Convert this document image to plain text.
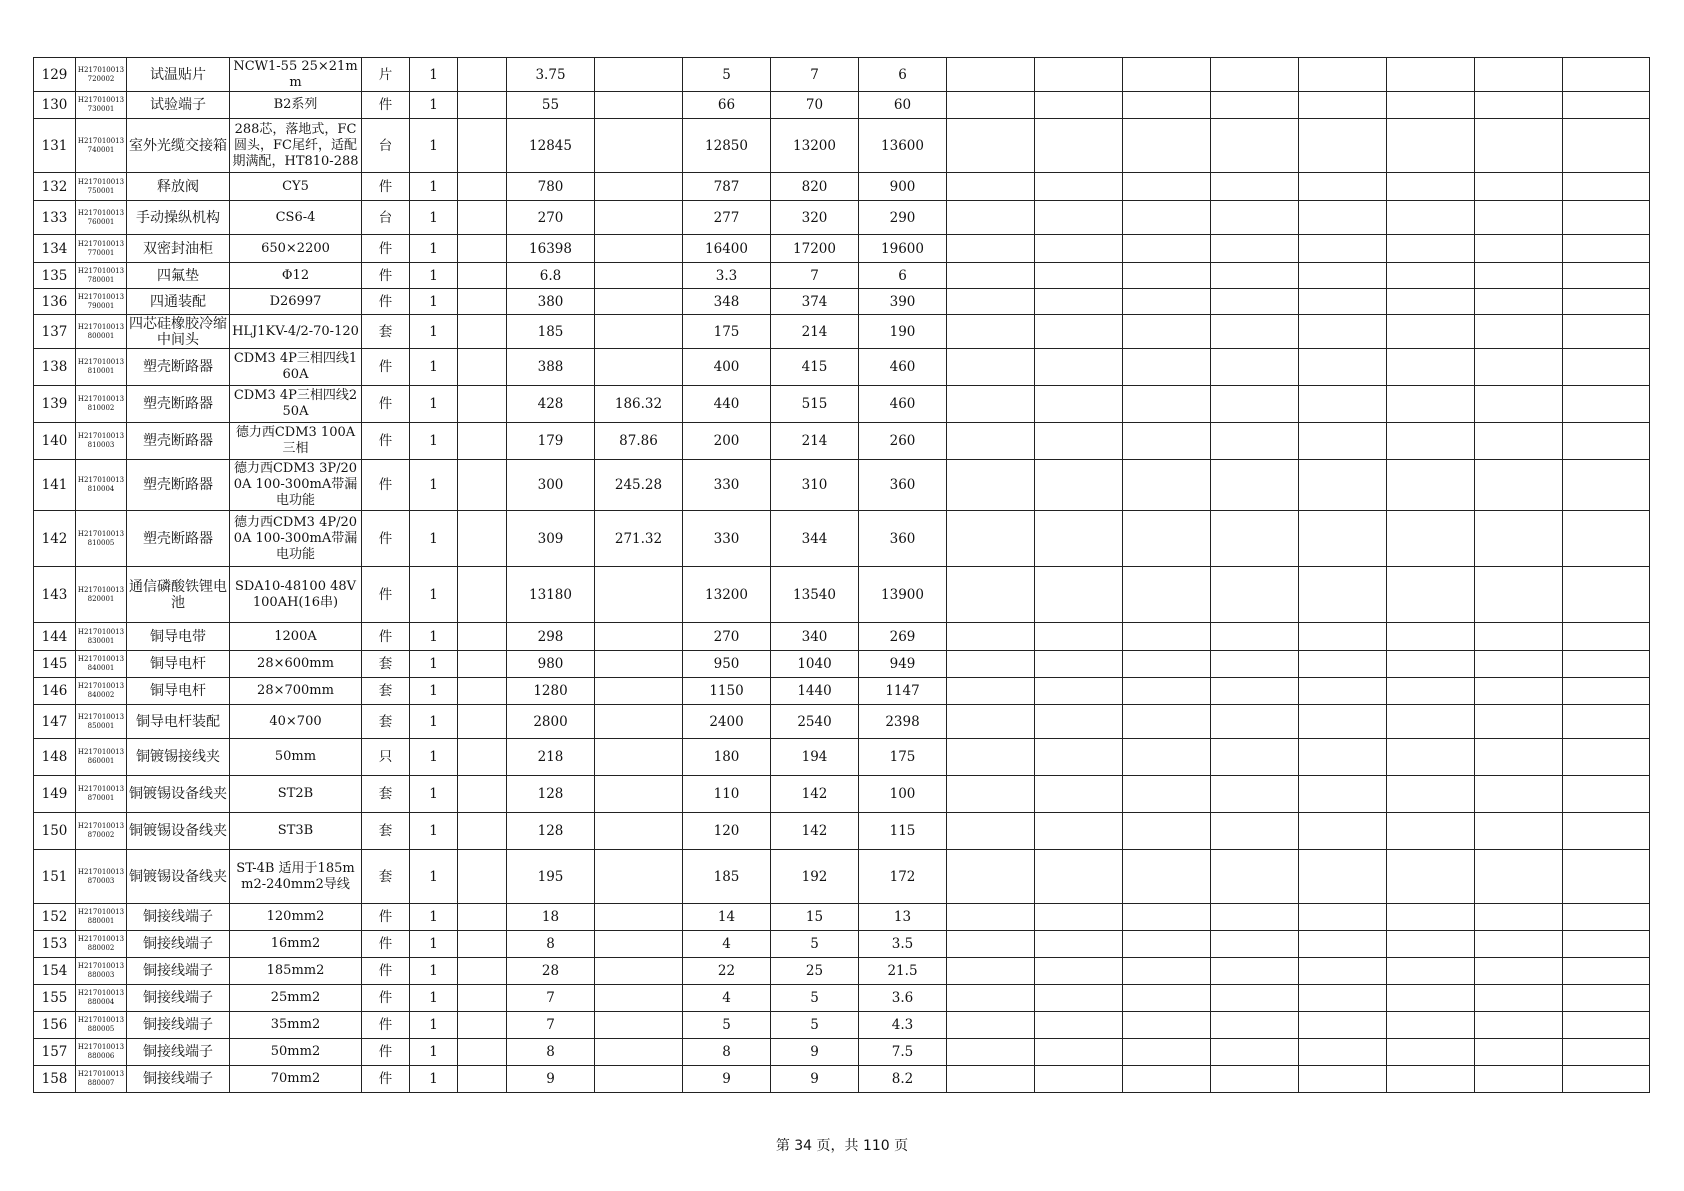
129	H217010013 720002	试温贴片	NCW1-55 25×21mm	片	1		3.75		5	7	6								
130	H217010013 730001	试验端子	B2系列	件	1		55		66	70	60								
131	H217010013 740001	室外光缆交接箱	288芯，落地式，FC圆头，FC尾纤，适配期满配，HT810-288	台	1		12845		12850	13200	13600								
132	H217010013 750001	释放阀	CY5	件	1		780		787	820	900								
133	H217010013 760001	手动操纵机构	CS6-4	台	1		270		277	320	290								
134	H217010013 770001	双密封油柜	650×2200	件	1		16398		16400	17200	19600								
135	H217010013 780001	四氟垫	Φ12	件	1		6.8		3.3	7	6								
136	H217010013 790001	四通装配	D26997	件	1		380		348	374	390								
137	H217010013 800001	四芯硅橡胶冷缩中间头	HLJ1KV-4/2-70-120	套	1		185		175	214	190								
138	H217010013 810001	塑壳断路器	CDM3 4P三相四线160A	件	1		388		400	415	460								
139	H217010013 810002	塑壳断路器	CDM3 4P三相四线250A	件	1		428	186.32	440	515	460								
140	H217010013 810003	塑壳断路器	德力西CDM3 100A三相	件	1		179	87.86	200	214	260								
141	H217010013 810004	塑壳断路器	德力西CDM3 3P/200A 100-300mA带漏电功能	件	1		300	245.28	330	310	360								
142	H217010013 810005	塑壳断路器	德力西CDM3 4P/200A 100-300mA带漏电功能	件	1		309	271.32	330	344	360								
143	H217010013 820001	通信磷酸铁锂电池	SDA10-48100 48V100AH(16串)	件	1		13180		13200	13540	13900								
144	H217010013 830001	铜导电带	1200A	件	1		298		270	340	269								
145	H217010013 840001	铜导电杆	28×600mm	套	1		980		950	1040	949								
146	H217010013 840002	铜导电杆	28×700mm	套	1		1280		1150	1440	1147								
147	H217010013 850001	铜导电杆装配	40×700	套	1		2800		2400	2540	2398								
148	H217010013 860001	铜镀锡接线夹	50mm	只	1		218		180	194	175								
149	H217010013 870001	铜镀锡设备线夹	ST2B	套	1		128		110	142	100								
150	H217010013 870002	铜镀锡设备线夹	ST3B	套	1		128		120	142	115								
151	H217010013 870003	铜镀锡设备线夹	ST-4B 适用于185mm2-240mm2导线	套	1		195		185	192	172								
152	H217010013 880001	铜接线端子	120mm2	件	1		18		14	15	13								
153	H217010013 880002	铜接线端子	16mm2	件	1		8		4	5	3.5								
154	H217010013 880003	铜接线端子	185mm2	件	1		28		22	25	21.5								
155	H217010013 880004	铜接线端子	25mm2	件	1		7		4	5	3.6								
156	H217010013 880005	铜接线端子	35mm2	件	1		7		5	5	4.3								
157	H217010013 880006	铜接线端子	50mm2	件	1		8		8	9	7.5								
158	H217010013 880007	铜接线端子	70mm2	件	1		9		9	9	8.2								
第 34 页，共 110 页
